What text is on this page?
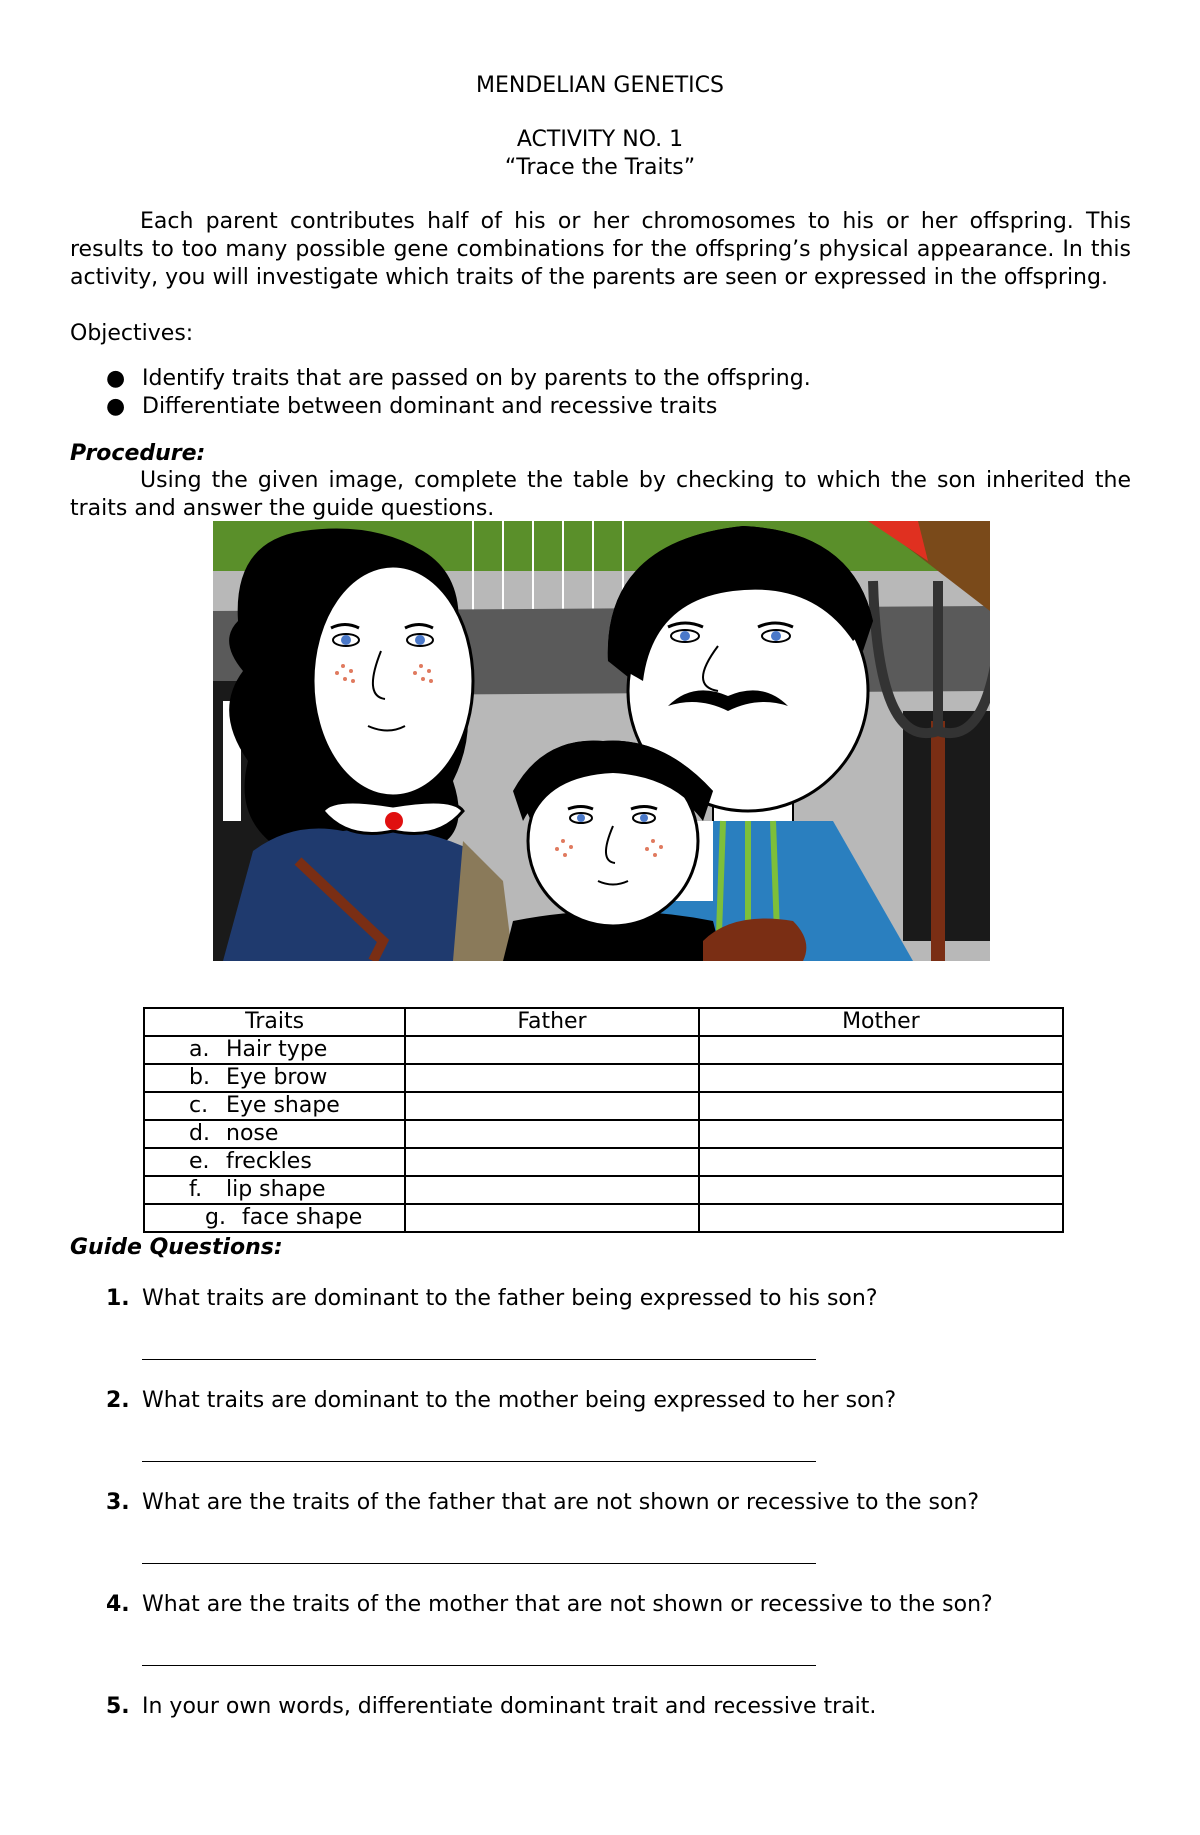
MENDELIAN GENETICS
ACTIVITY NO. 1
“Trace the Traits”
Each parent contributes half of his or her chromosomes to his or her offspring. This results to too many possible gene combinations for the offspring’s physical appearance. In this activity, you will investigate which traits of the parents are seen or expressed in the offspring.
Objectives:
● Identify traits that are passed on by parents to the offspring.
● Differentiate between dominant and recessive traits
Procedure:
Using the given image, complete the table by checking to which the son inherited the traits and answer the guide questions.
Traits	Father	Mother
a. Hair type		
b. Eye brow		
c. Eye shape		
d. nose		
e. freckles		
f. lip shape		
g. face shape		
Guide Questions:
1. What traits are dominant to the father being expressed to his son?
2. What traits are dominant to the mother being expressed to her son?
3. What are the traits of the father that are not shown or recessive to the son?
4. What are the traits of the mother that are not shown or recessive to the son?
5. In your own words, differentiate dominant trait and recessive trait.
